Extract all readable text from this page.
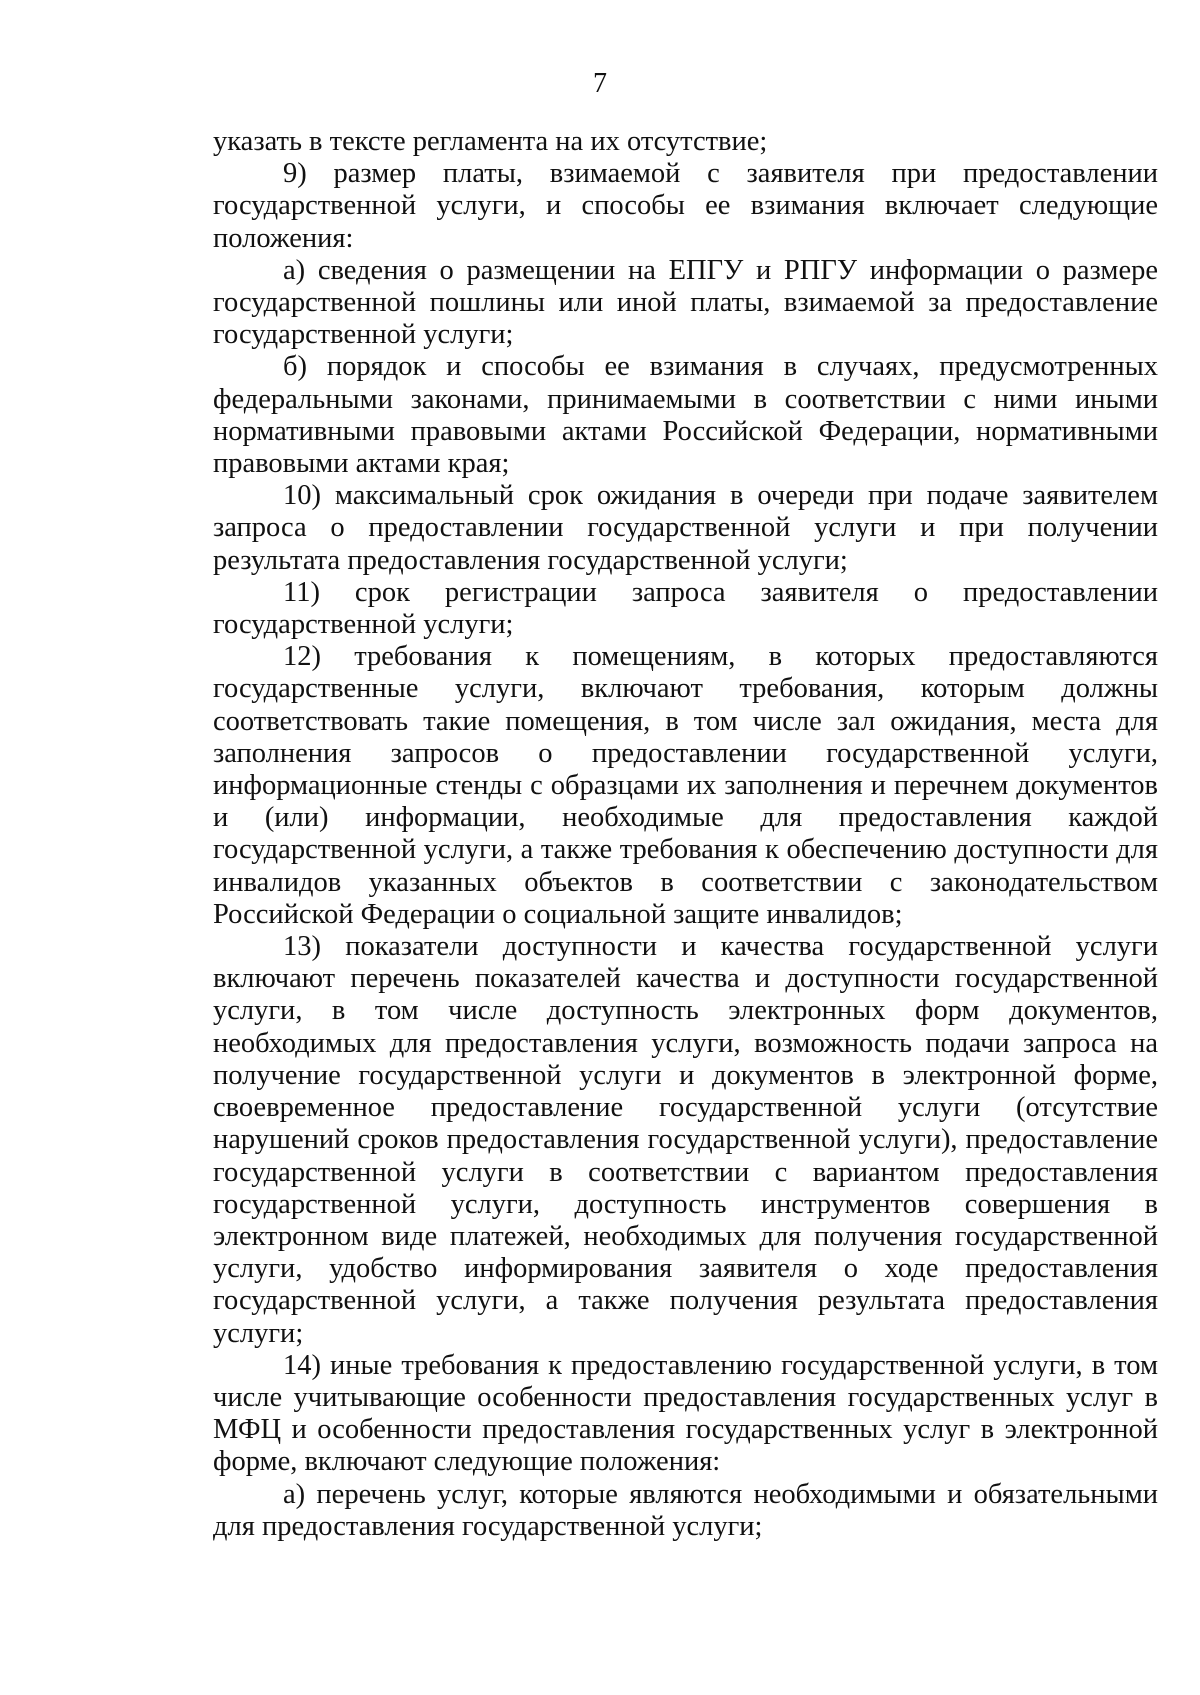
7

указать в тексте регламента на их отсутствие;

9) размер платы, взимаемой с заявителя при предоставлении государственной услуги, и способы ее взимания включает следующие положения:

а) сведения о размещении на ЕПГУ и РПГУ информации о размере государственной пошлины или иной платы, взимаемой за предоставление государственной услуги;

б) порядок и способы ее взимания в случаях, предусмотренных федеральными законами, принимаемыми в соответствии с ними иными нормативными правовыми актами Российской Федерации, нормативными правовыми актами края;

10) максимальный срок ожидания в очереди при подаче заявителем запроса о предоставлении государственной услуги и при получении результата предоставления государственной услуги;

11) срок регистрации запроса заявителя о предоставлении государственной услуги;

12) требования к помещениям, в которых предоставляются государственные услуги, включают требования, которым должны соответствовать такие помещения, в том числе зал ожидания, места для заполнения запросов о предоставлении государственной услуги, информационные стенды с образцами их заполнения и перечнем документов и (или) информации, необходимые для предоставления каждой государственной услуги, а также требования к обеспечению доступности для инвалидов указанных объектов в соответствии с законодательством Российской Федерации о социальной защите инвалидов;

13) показатели доступности и качества государственной услуги включают перечень показателей качества и доступности государственной услуги, в том числе доступность электронных форм документов, необходимых для предоставления услуги, возможность подачи запроса на получение государственной услуги и документов в электронной форме, своевременное предоставление государственной услуги (отсутствие нарушений сроков предоставления государственной услуги), предоставление государственной услуги в соответствии с вариантом предоставления государственной услуги, доступность инструментов совершения в электронном виде платежей, необходимых для получения государственной услуги, удобство информирования заявителя о ходе предоставления государственной услуги, а также получения результата предоставления услуги;

14) иные требования к предоставлению государственной услуги, в том числе учитывающие особенности предоставления государственных услуг в МФЦ и особенности предоставления государственных услуг в электронной форме, включают следующие положения:

а) перечень услуг, которые являются необходимыми и обязательными для предоставления государственной услуги;
